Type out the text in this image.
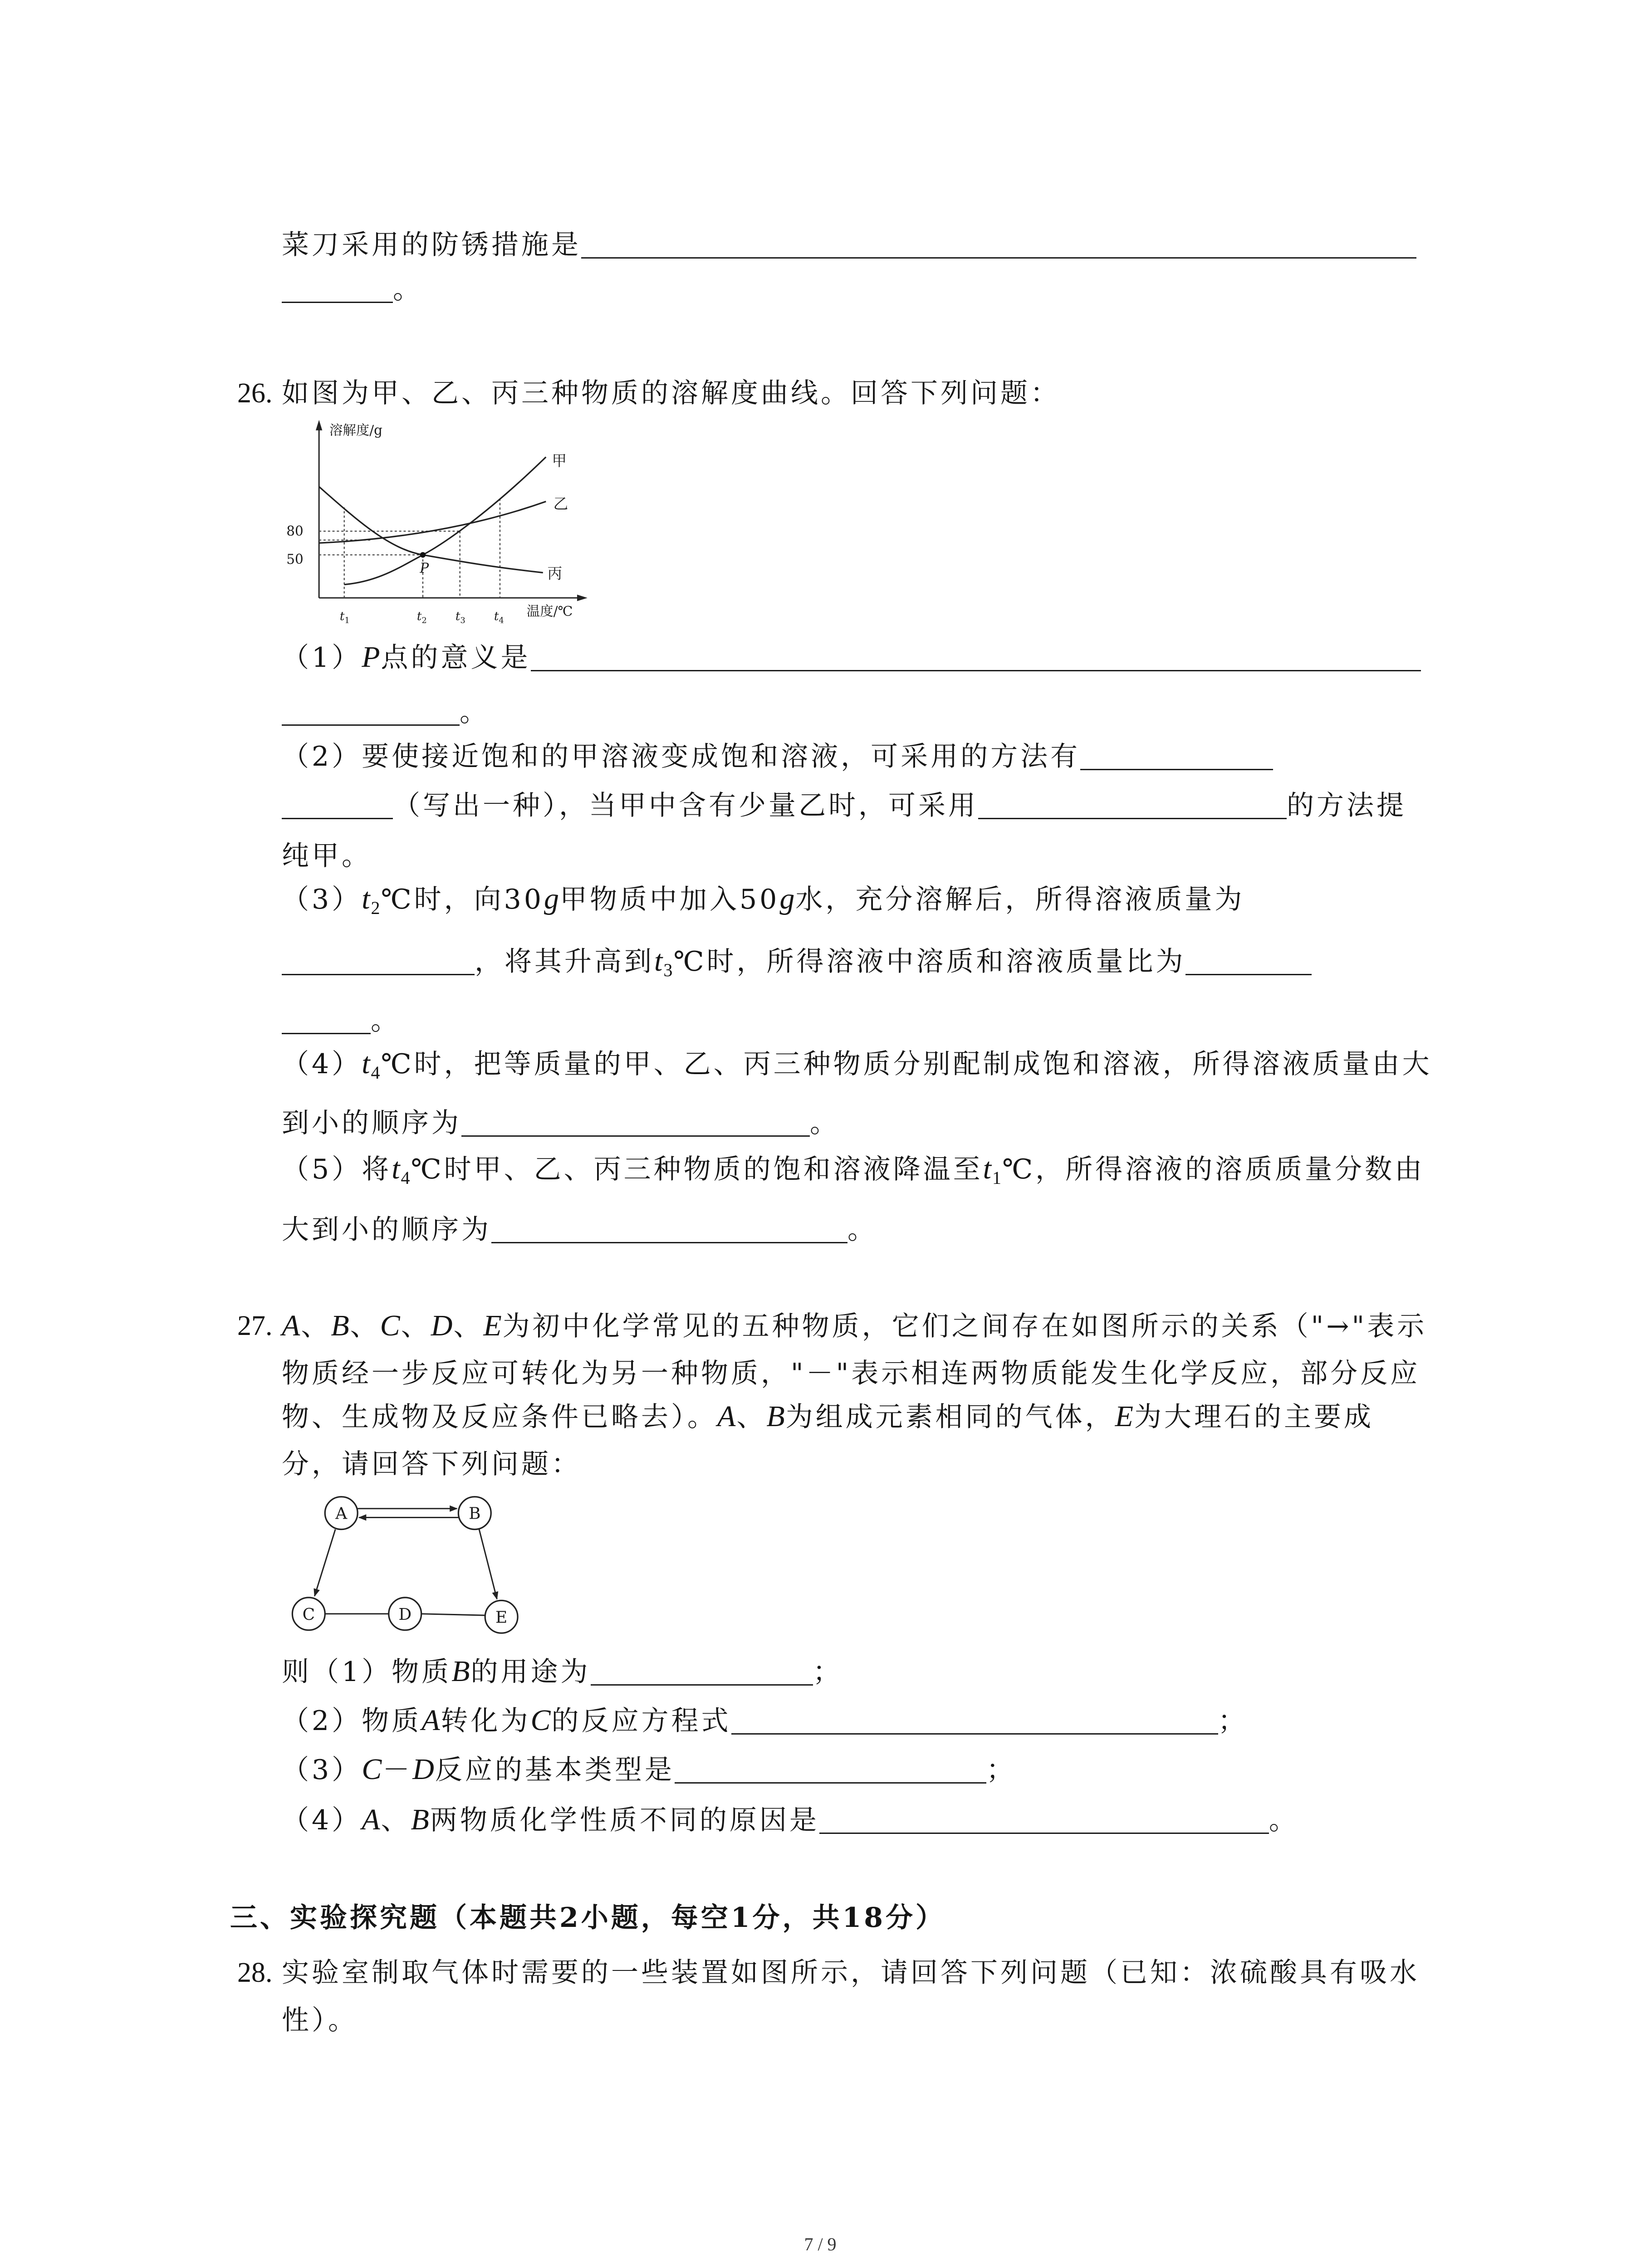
菜刀采用的防锈措施是
。
26. 如图为甲、乙、丙三种物质的溶解度曲线。回答下列问题：
溶解度/g
甲
乙
丙
80
50
P
$t_1$	$t_2$	$t_3$	$t_4$
温度/℃
（1）P点的意义是
。
（2）要使接近饱和的甲溶液变成饱和溶液，可采用的方法有
（写出一种），当甲中含有少量乙时，可采用	的方法提
纯甲。
$(3)t_2℃$时，向30g甲物质中加入50g水，充分溶解后，所得溶液质量为
，将其升高到$t_3℃$时，所得溶液中溶质和溶液质量比为
。
$(4)t_4℃$时，把等质量的甲、乙、丙三种物质分别配制成饱和溶液，所得溶液质量由大
到小的顺序为	。
（5）将$t_4℃$时甲、乙、丙三种物质的饱和溶液降温至$t_1℃$，所得溶液的溶质质量分数由
大到小的顺序为	。
27. A、B、C、D、E为初中化学常见的五种物质，它们之间存在如图所示的关系（"→"表示
物质经一步反应可转化为另一种物质，"－"表示相连两物质能发生化学反应，部分反应
物、生成物及反应条件已略去）。A、B为组成元素相同的气体，E为大理石的主要成
分，请回答下列问题：
A	B
C	D	E
则（1）物质B的用途为	；
（2）物质A转化为C的反应方程式	；
（3）C－D反应的基本类型是	；
（4）A、B两物质化学性质不同的原因是	。
三、实验探究题（本题共2小题，每空1分，共18分）
28. 实验室制取气体时需要的一些装置如图所示，请回答下列问题（已知：浓硫酸具有吸水
性）。
7 / 9
